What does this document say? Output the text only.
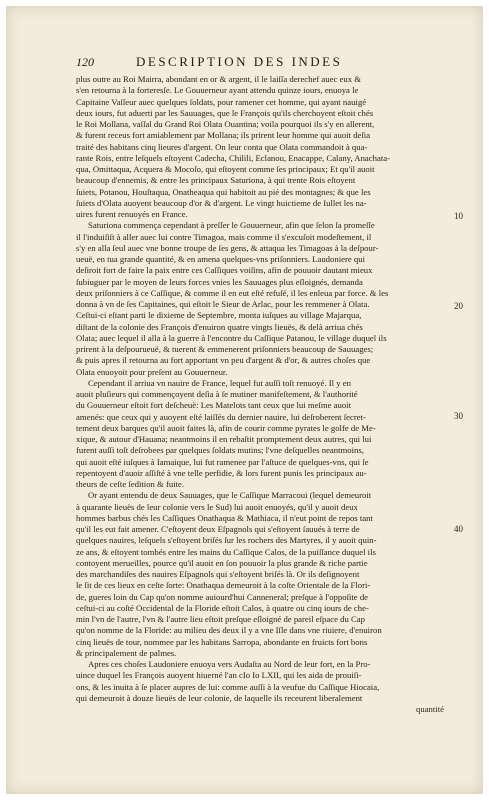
120	DESCRIPTION DES INDES
plus outre au Roi Mairra, abondant en or & argent, il le laiſſa derechef auec eux &
s'en retourna à la forteresſe. Le Gouuerneur ayant attendu quinze iours, enuoya le
Capitaine Vaſſeur auec quelques ſoldats, pour ramener cet homme, qui ayant nauigé
deux iours, fut aduerti par les Sauuages, que le François qu'ils cherchoyent eſtoit chés
le Roi Mollana, vaſſal du Grand Roi Olata Ouantina; voila pourquoi ils s'y en allerent,
& furent receus fort amiablement par Mollana; ils prirent leur homme qui auoit deſia
traité des habitans cinq lieures d'argent. On leur conta que Olata commandoit à qua-
rante Rois, entre leſquels eſtoyent Cadecha, Chilili, Eclanou, Enacappe, Calany, Anachata-
qua, Omittaqua, Acquera & Mocoſo, qui eſtoyent comme ſes principaux; Et qu'il auoit
beaucoup d'ennemis, & entre les principaux Saturiona, à qui trente Rois eſtoyent
ſuiets, Potanou, Houſtaqua, Onatheaqua qui habitoit au pié des montagnes; & que les
ſuiets d'Olata auoyent beaucoup d'or & d'argent. Le vingt huictieme de Iullet les na-
uires furent renuoyés en France.
Saturiona commença cependant à preſſer le Gouuerneur, afin que ſelon ſa promeſſe
il l'induiſiſt à aller auec lui contre Timagoa, mais comme il s'excuſoit modeſtement, il
s'y en alla ſeul auec vne bonne troupe de ſes gens, & attaqua les Timagoas à la deſpour-
ueuë, en tua grande quantité, & en amena quelques-vns priſonniers. Laudoniere qui
deſiroit fort de faire la paix entre ces Caſſiques voiſins, afin de pouuoir dautant mieux
ſubiuguer par le moyen de leurs forces vnies les Sauuages plus eſloignés, demanda
deux priſonniers à ce Caſſique, & comme il en eut eſté refuſé, il les enleua par force. & les
donna à vn de ſes Capitaines, qui eſtoit le Sieur de Arlac, pour les remmener à Olata.
Ceſtui-ci eſtant parti le dixieme de Septembre, monta iuſques au village Majarqua,
diſtant de la colonie des François d'enuiron quatre vingts lieuës, & delà arriua chés
Olata; auec lequel il alla à la guerre à l'encontre du Caſſique Patanou, le village duquel ils
prirent à la deſpourueuë, & tuerent & emmenerent priſonniers beaucoup de Sauuages;
& puis apres il retourna au fort apportant vn peu d'argent & d'or, & autres choſes que
Olata enuoyoit pour preſent au Gouuerneur.
Cependant il arriua vn nauire de France, lequel fut auſſi toſt renuoyé. Il y en
auoit pluſieurs qui commençoyent deſia à ſe mutiner manifeſtement, & l'authorité
du Gouuerneur eſtoit fort deſcheuë: Les Matelots tant ceux que lui meſme auoit
amenés: que ceux qui y auoyent eſté laiſſés du dernier nauire, lui deſroberent ſecret-
tement deux barques qu'il auoit faites là, afin de courir comme pyrates le golfe de Me-
xique, & autour d'Hauana; neantmoins il en rebaſtit promptement deux autres, qui lui
furent auſſi toſt deſrobees par quelques ſoldats mutins; l'vne deſquelles neantmoins,
qui auoit eſté iuſques à Iamaique, lui fut ramenee par l'aſtuce de quelques-vns, qui ſe
repentoyent d'auoir aſſiſté à vne telle perfidie, & lors furent punis les principaux au-
theurs de ceſte ſedition & fuite.
Or ayant entendu de deux Sauuages, que le Caſſique Marracoui (lequel demeuroit
à quarante lieuës de leur colonie vers le Sud) lui auoit enuoyés, qu'il y auoit deux
hommes barbus chés les Caſſiques Onathaqua & Mathiaca, il n'eut point de repos tant
qu'il les eut fait amener. C'eſtoyent deux Eſpagnols qui s'eſtoyent ſauués à terre de
quelques nauires, leſquels s'eſtoyent briſés ſur les rochers des Martyres, il y auoit quin-
ze ans, & eſtoyent tombés entre les mains du Caſſique Calos, de la puiſſance duquel ils
contoyent merueilles, pource qu'il auoit en ſon pouuoir la plus grande & riche partie
des marchandiſes des nauires Eſpagnols qui s'eſtoyent briſés là. Or ils deſignoyent
le ſit de ces lieux en ceſte ſorte: Onathaqua demeuroit à la coſte Orientale de la Flori-
de, gueres loin du Cap qu'on nomme auiourd'hui Canneneral; preſque à l'oppoſite de
ceſtui-ci au coſté Occidental de la Floride eſtoit Calos, à quatre ou cinq iours de che-
min l'vn de l'autre, l'vn & l'autre lieu eſtoit preſque eſloigné de pareil eſpace du Cap
qu'on nomme de la Floride: au milieu des deux il y a vne Iſle dans vne riuiere, d'enuiron
cinq lieuës de tour, nommee par les habitans Sarropa, abondante en fruicts fort bons
& principalement de palmes.
Apres ces choſes Laudoniere enuoya vers Audaſta au Nord de leur fort, en la Pro-
uince duquel les François auoyent hiuerné l'an cIo Io LXII, qui les aida de prouiſi-
ons, & les inuita à ſe placer aupres de lui: comme auſſi à la veufue du Caſſique Hiocaia,
qui demeuroit à douze lieuës de leur colonie, de laquelle ils receurent liberalement
quantité
10
20
30
40
